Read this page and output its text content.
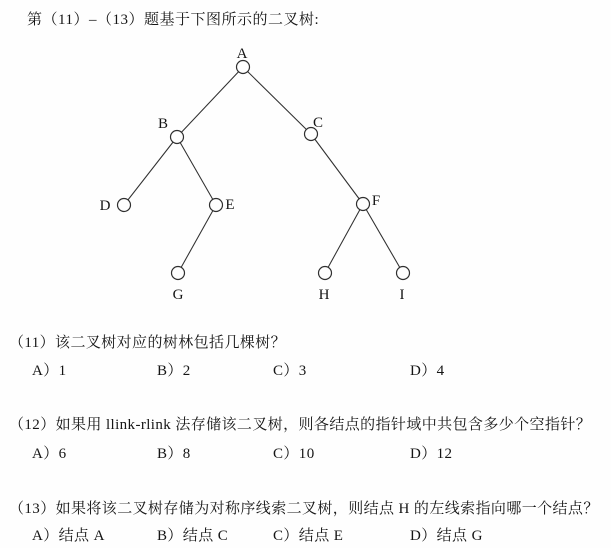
第（11）–（13）题基于下图所示的二叉树:
A
B	C
D	E	F
G	H	I
（11）该二叉树对应的树林包括几棵树？
A）1	B）2	C）3	D）4
（12）如果用 llink-rlink 法存储该二叉树，则各结点的指针域中共包含多少个空指针？
A）6	B）8	C）10	D）12
（13）如果将该二叉树存储为对称序线索二叉树，则结点 H 的左线索指向哪一个结点？
A）结点 A	B）结点 C	C）结点 E	D）结点 G
